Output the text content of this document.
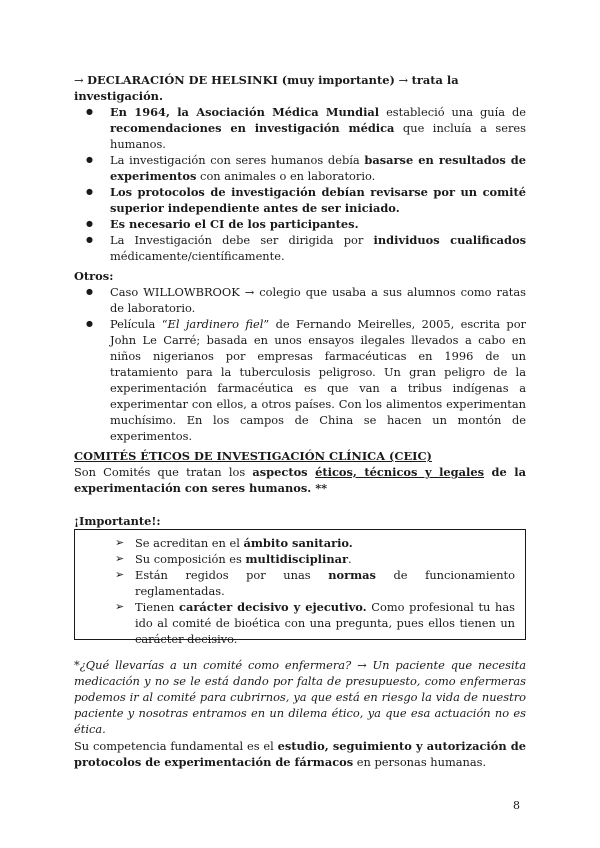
→ DECLARACIÓN DE HELSINKI (muy importante) → trata la investigación.

● En 1964, la Asociación Médica Mundial estableció una guía de recomendaciones en investigación médica que incluía a seres humanos.
● La investigación con seres humanos debía basarse en resultados de experimentos con animales o en laboratorio.
● Los protocolos de investigación debían revisarse por un comité superior independiente antes de ser iniciado.
● Es necesario el CI de los participantes.
● La Investigación debe ser dirigida por individuos cualificados médicamente/científicamente.

Otros:

● Caso WILLOWBROOK → colegio que usaba a sus alumnos como ratas de laboratorio.
● Película “El jardinero fiel” de Fernando Meirelles, 2005, escrita por John Le Carré; basada en unos ensayos ilegales llevados a cabo en niños nigerianos por empresas farmacéuticas en 1996 de un tratamiento para la tuberculosis peligroso. Un gran peligro de la experimentación farmacéutica es que van a tribus indígenas a experimentar con ellos, a otros países. Con los alimentos experimentan muchísimo. En los campos de China se hacen un montón de experimentos.

COMITÉS ÉTICOS DE INVESTIGACIÓN CLÍNICA (CEIC)

Son Comités que tratan los aspectos éticos, técnicos y legales de la experimentación con seres humanos. **

¡Importante!:

➢ Se acreditan en el ámbito sanitario.
➢ Su composición es multidisciplinar.
➢ Están regidos por unas normas de funcionamiento reglamentadas.
➢ Tienen carácter decisivo y ejecutivo. Como profesional tu has ido al comité de bioética con una pregunta, pues ellos tienen un carácter decisivo.

*¿Qué llevarías a un comité como enfermera? → Un paciente que necesita medicación y no se le está dando por falta de presupuesto, como enfermeras podemos ir al comité para cubrirnos, ya que está en riesgo la vida de nuestro paciente y nosotras entramos en un dilema ético, ya que esa actuación no es ética.

Su competencia fundamental es el estudio, seguimiento y autorización de protocolos de experimentación de fármacos en personas humanas.

8
